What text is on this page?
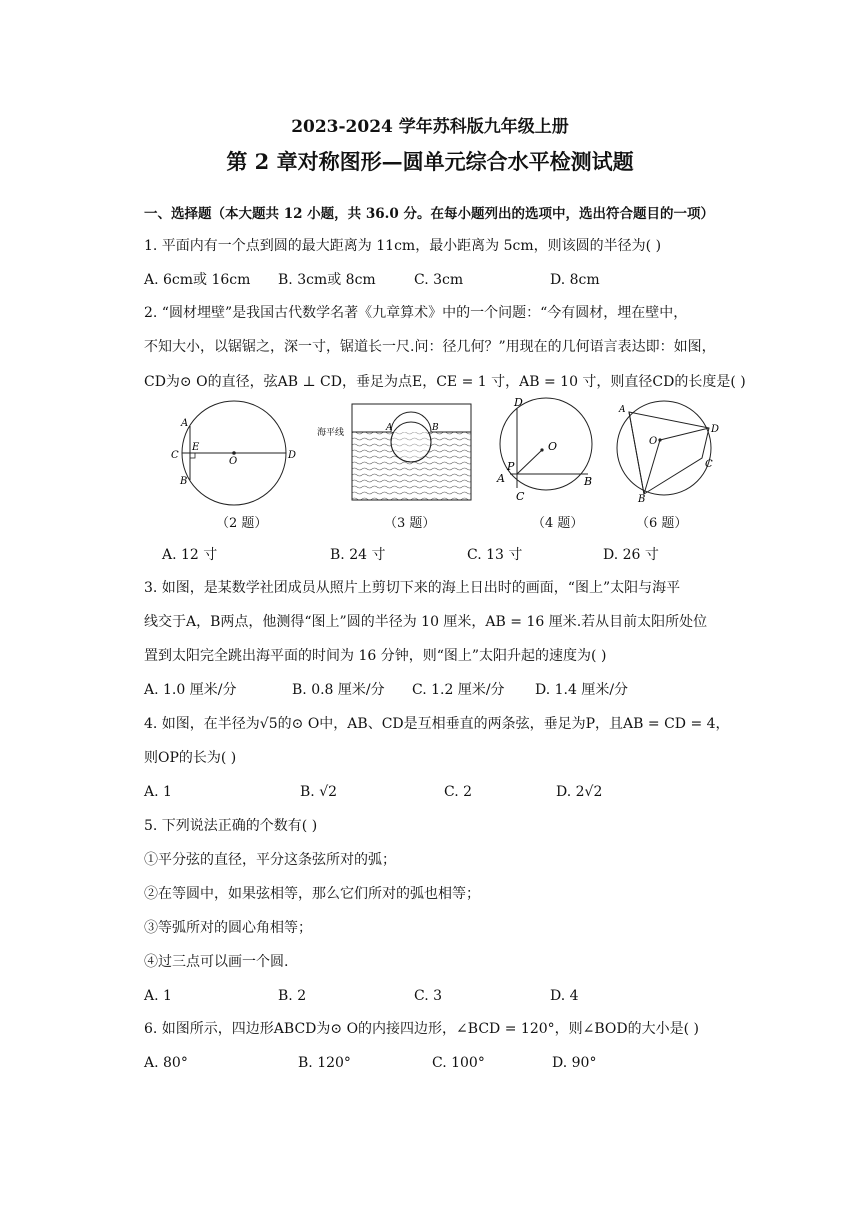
2023-2024 学年苏科版九年级上册
第 2 章对称图形—圆单元综合水平检测试题
一、选择题（本大题共 12 小题，共 36.0 分。在每小题列出的选项中，选出符合题目的一项）
1. 平面内有一个点到圆的最大距离为 11cm，最小距离为 5cm，则该圆的半径为( )
A. 6cm或 16cm B. 3cm或 8cm	C. 3cm	D. 8cm
2. “圆材埋壁”是我国古代数学名著《九章算术》中的一个问题：“今有圆材，埋在壁中，
不知大小，以锯锯之，深一寸，锯道长一尺.问：径几何？”用现在的几何语言表达即：如图，
CD为⊙ O的直径，弦AB ⊥ CD，垂足为点E，CE = 1 寸，AB = 10 寸，则直径CD的长度是( )
A
E
C
O
D
B
海平线	A	B
D
O
P
A	B
C
A
O
D
C
B
（2 题）	（3 题）	（4 题）	（6 题）
A. 12 寸	B. 24 寸	C. 13 寸	D. 26 寸
3. 如图，是某数学社团成员从照片上剪切下来的海上日出时的画面，“图上”太阳与海平
线交于A，B两点，他测得“图上”圆的半径为 10 厘米，AB = 16 厘米.若从目前太阳所处位
置到太阳完全跳出海平面的时间为 16 分钟，则“图上”太阳升起的速度为( )
A. 1.0 厘米/分	B. 0.8 厘米/分 C. 1.2 厘米/分 D. 1.4 厘米/分
4. 如图，在半径为√5的⊙ O中，AB、CD是互相垂直的两条弦，垂足为P，且AB = CD = 4，
则OP的长为( )
A. 1	B. √2	C. 2	D. 2√2
5. 下列说法正确的个数有( )
①平分弦的直径，平分这条弦所对的弧；
②在等圆中，如果弦相等，那么它们所对的弧也相等；
③等弧所对的圆心角相等；
④过三点可以画一个圆.
A. 1	B. 2	C. 3	D. 4
6. 如图所示，四边形ABCD为⊙ O的内接四边形，∠BCD = 120°，则∠BOD的大小是( )
A. 80°	B. 120°	C. 100°	D. 90°
